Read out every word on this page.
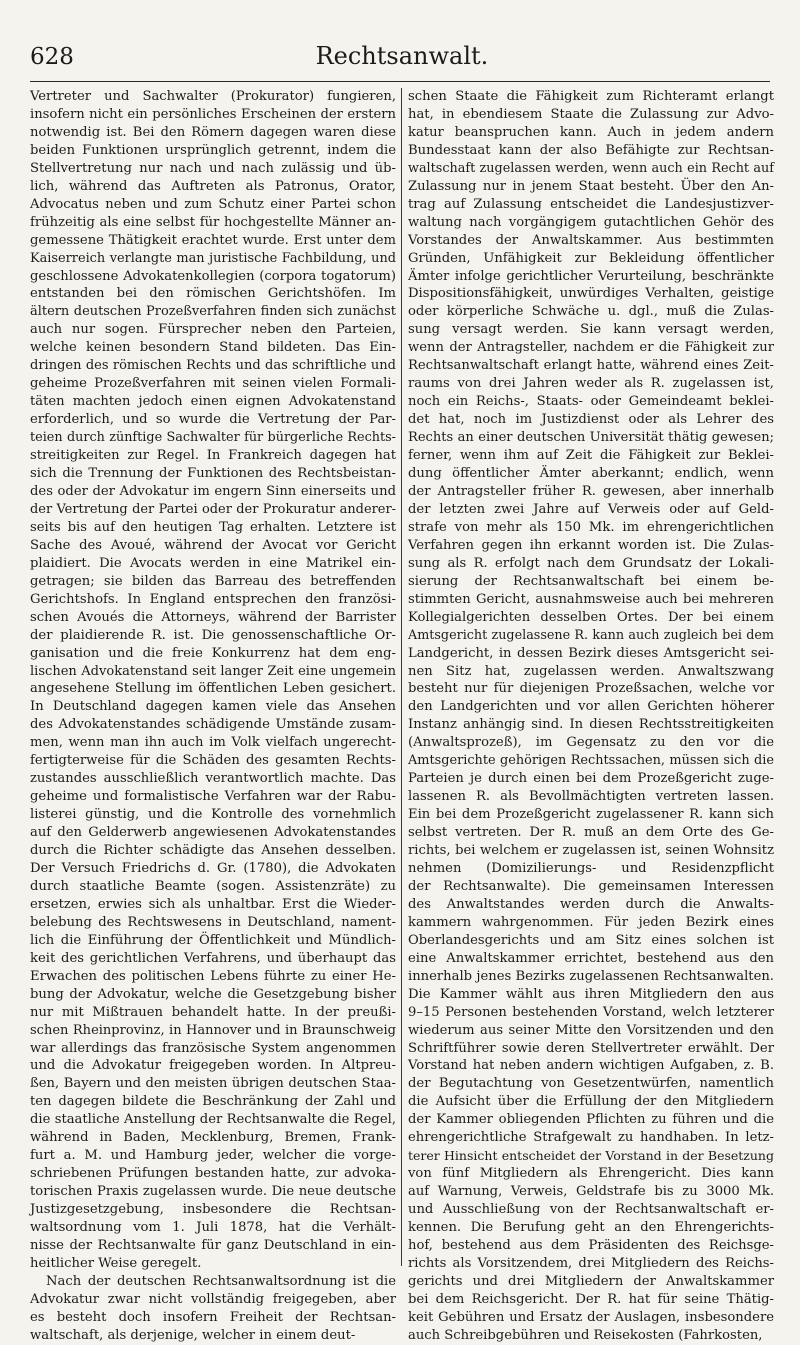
628	Rechtsanwalt.
Vertreter und Sachwalter (Prokurator) fungieren,
insofern nicht ein persönliches Erscheinen der erstern
notwendig ist. Bei den Römern dagegen waren diese
beiden Funktionen ursprünglich getrennt, indem die
Stellvertretung nur nach und nach zulässig und üb-
lich, während das Auftreten als Patronus, Orator,
Advocatus neben und zum Schutz einer Partei schon
frühzeitig als eine selbst für hochgestellte Männer an-
gemessene Thätigkeit erachtet wurde. Erst unter dem
Kaiserreich verlangte man juristische Fachbildung, und
geschlossene Advokatenkollegien (corpora togatorum)
entstanden bei den römischen Gerichtshöfen. Im
ältern deutschen Prozeßverfahren finden sich zunächst
auch nur sogen. Fürsprecher neben den Parteien,
welche keinen besondern Stand bildeten. Das Ein-
dringen des römischen Rechts und das schriftliche und
geheime Prozeßverfahren mit seinen vielen Formali-
täten machten jedoch einen eignen Advokatenstand
erforderlich, und so wurde die Vertretung der Par-
teien durch zünftige Sachwalter für bürgerliche Rechts-
streitigkeiten zur Regel. In Frankreich dagegen hat
sich die Trennung der Funktionen des Rechtsbeistan-
des oder der Advokatur im engern Sinn einerseits und
der Vertretung der Partei oder der Prokuratur anderer-
seits bis auf den heutigen Tag erhalten. Letztere ist
Sache des Avoué, während der Avocat vor Gericht
plaidiert. Die Avocats werden in eine Matrikel ein-
getragen; sie bilden das Barreau des betreffenden
Gerichtshofs. In England entsprechen den französi-
schen Avoués die Attorneys, während der Barrister
der plaidierende R. ist. Die genossenschaftliche Or-
ganisation und die freie Konkurrenz hat dem eng-
lischen Advokatenstand seit langer Zeit eine ungemein
angesehene Stellung im öffentlichen Leben gesichert.
In Deutschland dagegen kamen viele das Ansehen
des Advokatenstandes schädigende Umstände zusam-
men, wenn man ihn auch im Volk vielfach ungerecht-
fertigterweise für die Schäden des gesamten Rechts-
zustandes ausschließlich verantwortlich machte. Das
geheime und formalistische Verfahren war der Rabu-
listerei günstig, und die Kontrolle des vornehmlich
auf den Gelderwerb angewiesenen Advokatenstandes
durch die Richter schädigte das Ansehen desselben.
Der Versuch Friedrichs d. Gr. (1780), die Advokaten
durch staatliche Beamte (sogen. Assistenzräte) zu
ersetzen, erwies sich als unhaltbar. Erst die Wieder-
belebung des Rechtswesens in Deutschland, nament-
lich die Einführung der Öffentlichkeit und Mündlich-
keit des gerichtlichen Verfahrens, und überhaupt das
Erwachen des politischen Lebens führte zu einer He-
bung der Advokatur, welche die Gesetzgebung bisher
nur mit Mißtrauen behandelt hatte. In der preußi-
schen Rheinprovinz, in Hannover und in Braunschweig
war allerdings das französische System angenommen
und die Advokatur freigegeben worden. In Altpreu-
ßen, Bayern und den meisten übrigen deutschen Staa-
ten dagegen bildete die Beschränkung der Zahl und
die staatliche Anstellung der Rechtsanwalte die Regel,
während in Baden, Mecklenburg, Bremen, Frank-
furt a. M. und Hamburg jeder, welcher die vorge-
schriebenen Prüfungen bestanden hatte, zur advoka-
torischen Praxis zugelassen wurde. Die neue deutsche
Justizgesetzgebung, insbesondere die Rechtsan-
waltsordnung vom 1. Juli 1878, hat die Verhält-
nisse der Rechtsanwalte für ganz Deutschland in ein-
heitlicher Weise geregelt.
Nach der deutschen Rechtsanwaltsordnung ist die
Advokatur zwar nicht vollständig freigegeben, aber
es besteht doch insofern Freiheit der Rechtsan-
waltschaft, als derjenige, welcher in einem deut-
schen Staate die Fähigkeit zum Richteramt erlangt
hat, in ebendiesem Staate die Zulassung zur Advo-
katur beanspruchen kann. Auch in jedem andern
Bundesstaat kann der also Befähigte zur Rechtsan-
waltschaft zugelassen werden, wenn auch ein Recht auf
Zulassung nur in jenem Staat besteht. Über den An-
trag auf Zulassung entscheidet die Landesjustizver-
waltung nach vorgängigem gutachtlichen Gehör des
Vorstandes der Anwaltskammer. Aus bestimmten
Gründen, Unfähigkeit zur Bekleidung öffentlicher
Ämter infolge gerichtlicher Verurteilung, beschränkte
Dispositionsfähigkeit, unwürdiges Verhalten, geistige
oder körperliche Schwäche u. dgl., muß die Zulas-
sung versagt werden. Sie kann versagt werden,
wenn der Antragsteller, nachdem er die Fähigkeit zur
Rechtsanwaltschaft erlangt hatte, während eines Zeit-
raums von drei Jahren weder als R. zugelassen ist,
noch ein Reichs-, Staats- oder Gemeindeamt beklei-
det hat, noch im Justizdienst oder als Lehrer des
Rechts an einer deutschen Universität thätig gewesen;
ferner, wenn ihm auf Zeit die Fähigkeit zur Beklei-
dung öffentlicher Ämter aberkannt; endlich, wenn
der Antragsteller früher R. gewesen, aber innerhalb
der letzten zwei Jahre auf Verweis oder auf Geld-
strafe von mehr als 150 Mk. im ehrengerichtlichen
Verfahren gegen ihn erkannt worden ist. Die Zulas-
sung als R. erfolgt nach dem Grundsatz der Lokali-
sierung der Rechtsanwaltschaft bei einem be-
stimmten Gericht, ausnahmsweise auch bei mehreren
Kollegialgerichten desselben Ortes. Der bei einem
Amtsgericht zugelassene R. kann auch zugleich bei dem
Landgericht, in dessen Bezirk dieses Amtsgericht sei-
nen Sitz hat, zugelassen werden. Anwaltszwang
besteht nur für diejenigen Prozeßsachen, welche vor
den Landgerichten und vor allen Gerichten höherer
Instanz anhängig sind. In diesen Rechtsstreitigkeiten
(Anwaltsprozeß), im Gegensatz zu den vor die
Amtsgerichte gehörigen Rechtssachen, müssen sich die
Parteien je durch einen bei dem Prozeßgericht zuge-
lassenen R. als Bevollmächtigten vertreten lassen.
Ein bei dem Prozeßgericht zugelassener R. kann sich
selbst vertreten. Der R. muß an dem Orte des Ge-
richts, bei welchem er zugelassen ist, seinen Wohnsitz
nehmen (Domizilierungs- und Residenzpflicht
der Rechtsanwalte). Die gemeinsamen Interessen
des Anwaltstandes werden durch die Anwalts-
kammern wahrgenommen. Für jeden Bezirk eines
Oberlandesgerichts und am Sitz eines solchen ist
eine Anwaltskammer errichtet, bestehend aus den
innerhalb jenes Bezirks zugelassenen Rechtsanwalten.
Die Kammer wählt aus ihren Mitgliedern den aus
9–15 Personen bestehenden Vorstand, welch letzterer
wiederum aus seiner Mitte den Vorsitzenden und den
Schriftführer sowie deren Stellvertreter erwählt. Der
Vorstand hat neben andern wichtigen Aufgaben, z. B.
der Begutachtung von Gesetzentwürfen, namentlich
die Aufsicht über die Erfüllung der den Mitgliedern
der Kammer obliegenden Pflichten zu führen und die
ehrengerichtliche Strafgewalt zu handhaben. In letz-
terer Hinsicht entscheidet der Vorstand in der Besetzung
von fünf Mitgliedern als Ehrengericht. Dies kann
auf Warnung, Verweis, Geldstrafe bis zu 3000 Mk.
und Ausschließung von der Rechtsanwaltschaft er-
kennen. Die Berufung geht an den Ehrengerichts-
hof, bestehend aus dem Präsidenten des Reichsge-
richts als Vorsitzendem, drei Mitgliedern des Reichs-
gerichts und drei Mitgliedern der Anwaltskammer
bei dem Reichsgericht. Der R. hat für seine Thätig-
keit Gebühren und Ersatz der Auslagen, insbesondere
auch Schreibgebühren und Reisekosten (Fahrkosten,
